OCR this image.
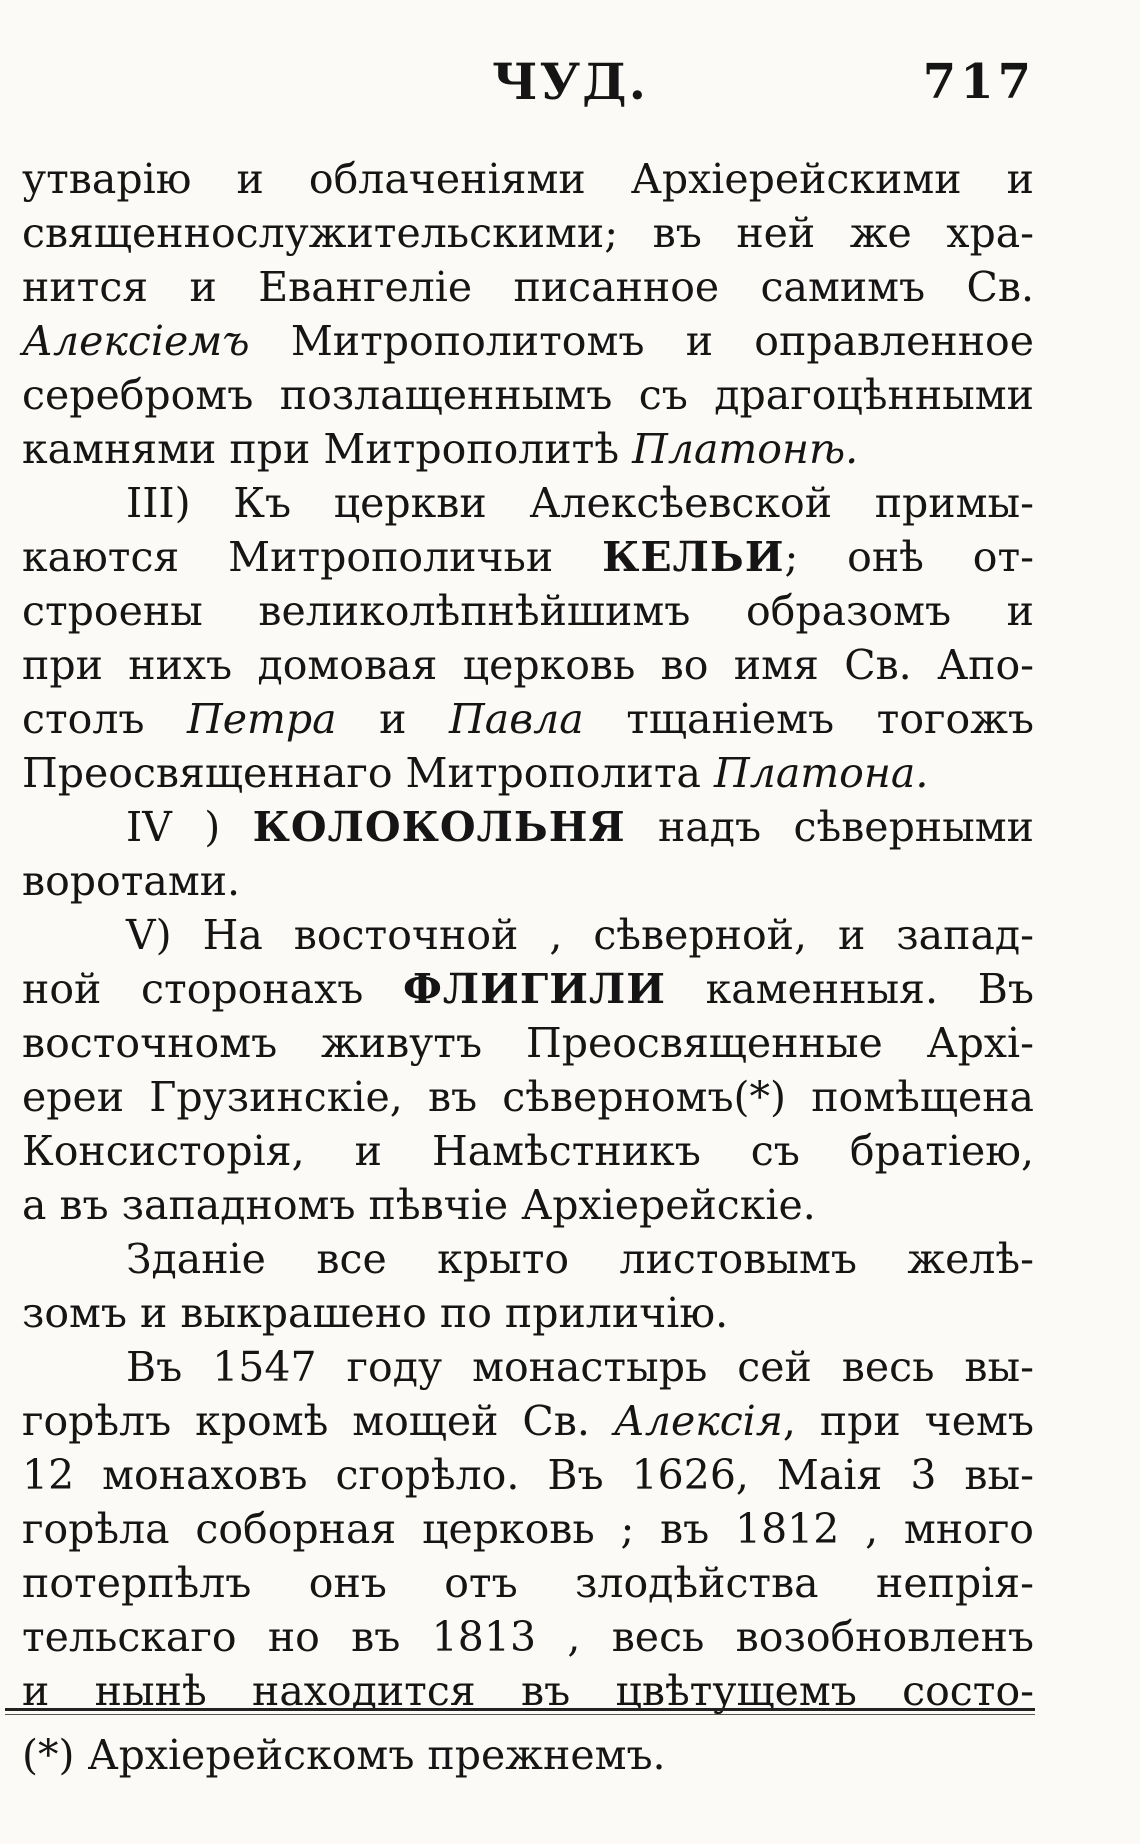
ЧУД.	717
утварію и облаченіями Архіерейскими и
священнослужительскими; въ ней же хра-
нится и Евангеліе писанное самимъ Св.
Алексіемъ Митрополитомъ и оправленное
серебромъ позлащеннымъ съ драгоцѣнными
камнями при Митрополитѣ Платонѣ.
III) Къ церкви Алексѣевской примы-
каются Митрополичьи КЕЛЬИ; онѣ от-
строены великолѣпнѣйшимъ образомъ и
при нихъ домовая церковь во имя Св. Апо-
столъ Петра и Павла тщаніемъ тогожъ
Преосвященнаго Митрополита Платона.
IV ) КОЛОКОЛЬНЯ надъ сѣверными
воротами.
V) На восточной , сѣверной, и запад-
ной сторонахъ ФЛИГИЛИ каменныя. Въ
восточномъ живутъ Преосвященные Архі-
ереи Грузинскіе, въ сѣверномъ(*) помѣщена
Консисторія, и Намѣстникъ съ братіею,
а въ западномъ пѣвчіе Архіерейскіе.
Зданіе все крыто листовымъ желѣ-
зомъ и выкрашено по приличію.
Въ 1547 году монастырь сей весь вы-
горѣлъ кромѣ мощей Св. Алексія, при чемъ
12 монаховъ сгорѣло. Въ 1626, Маія 3 вы-
горѣла соборная церковь ; въ 1812 , много
потерпѣлъ онъ отъ злодѣйства непрія-
тельскаго но въ 1813 , весь возобновленъ
и нынѣ находится въ цвѣтущемъ состо-
(*) Архіерейскомъ прежнемъ.
